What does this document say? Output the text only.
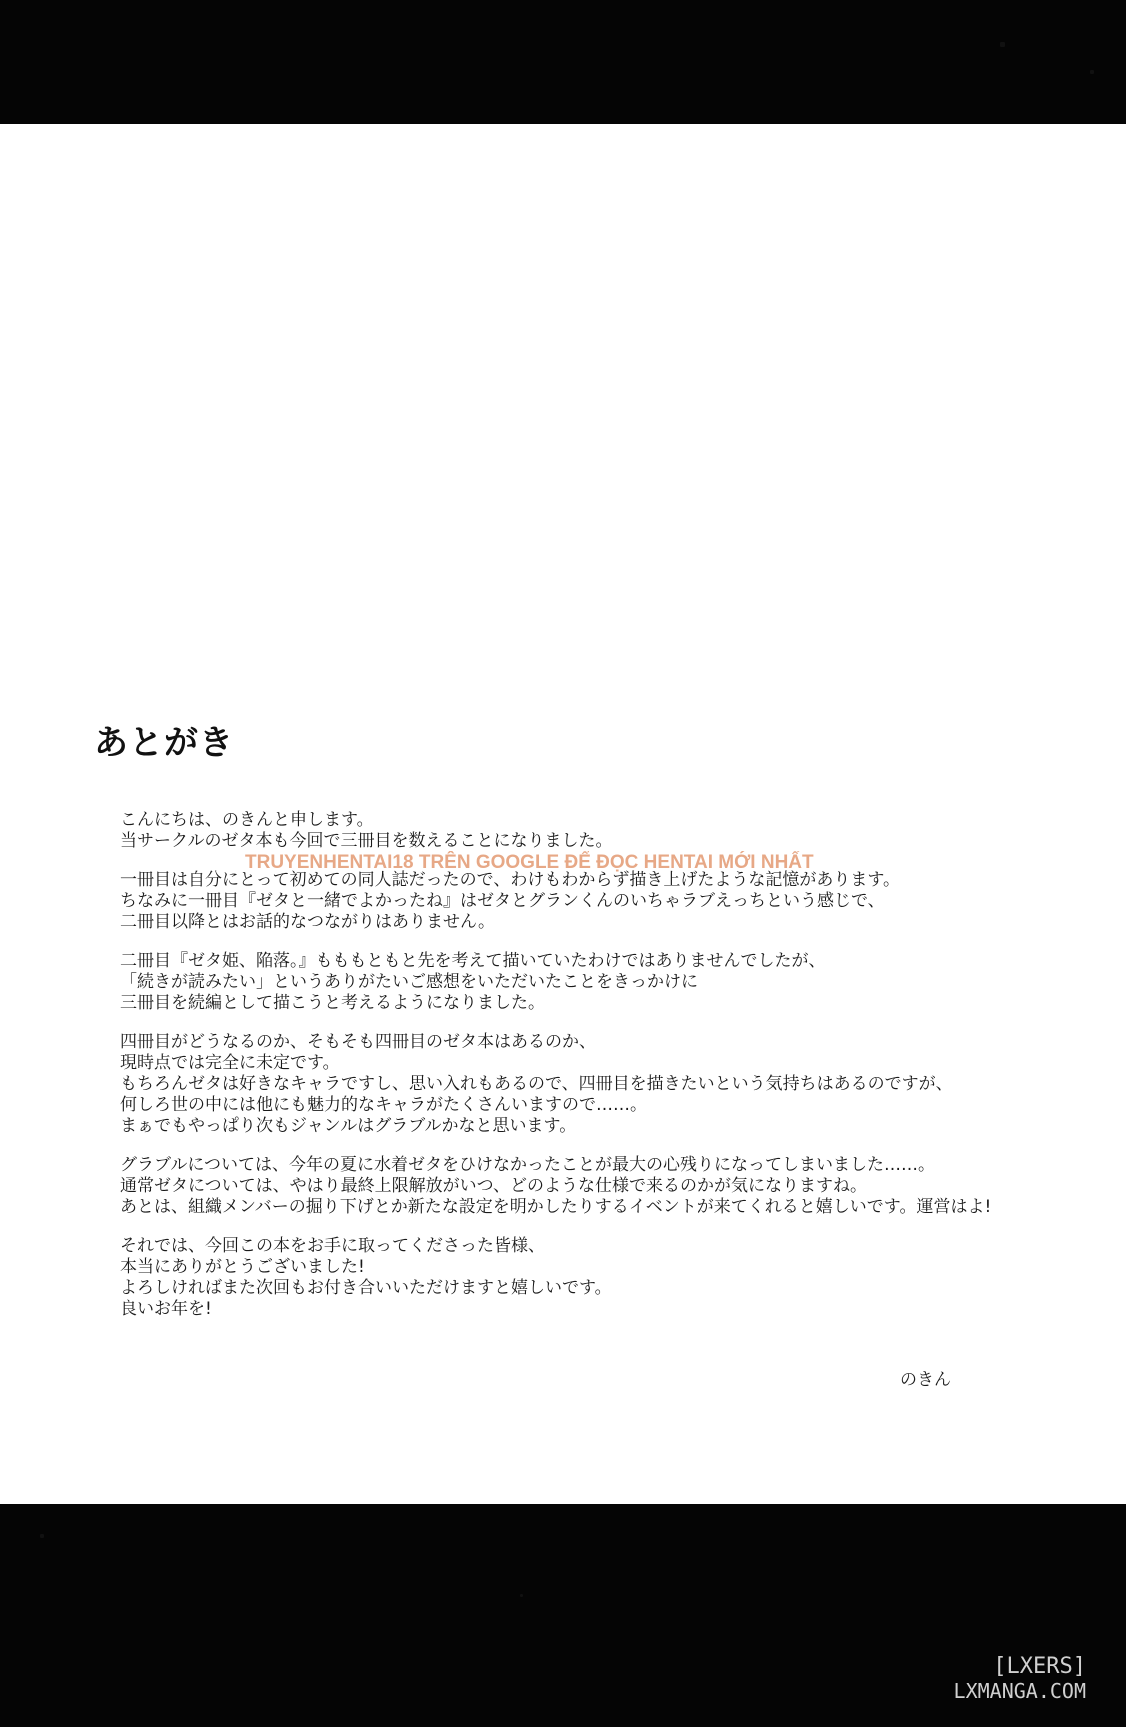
あとがき
こんにちは、のきんと申します。
当サークルのゼタ本も今回で三冊目を数えることになりました。
一冊目は自分にとって初めての同人誌だったので、わけもわからず描き上げたような記憶があります。
ちなみに一冊目『ゼタと一緒でよかったね』はゼタとグランくんのいちゃラブえっちという感じで、
二冊目以降とはお話的なつながりはありません。
二冊目『ゼタ姫、陥落。』もももともと先を考えて描いていたわけではありませんでしたが、
「続きが読みたい」というありがたいご感想をいただいたことをきっかけに
三冊目を続編として描こうと考えるようになりました。
四冊目がどうなるのか、そもそも四冊目のゼタ本はあるのか、
現時点では完全に未定です。
もちろんゼタは好きなキャラですし、思い入れもあるので、四冊目を描きたいという気持ちはあるのですが、
何しろ世の中には他にも魅力的なキャラがたくさんいますので……。
まぁでもやっぱり次もジャンルはグラブルかなと思います。
グラブルについては、今年の夏に水着ゼタをひけなかったことが最大の心残りになってしまいました……。
通常ゼタについては、やはり最終上限解放がいつ、どのような仕様で来るのかが気になりますね。
あとは、組織メンバーの掘り下げとか新たな設定を明かしたりするイベントが来てくれると嬉しいです。運営はよ!
それでは、今回この本をお手に取ってくださった皆様、
本当にありがとうございました!
よろしければまた次回もお付き合いいただけますと嬉しいです。
良いお年を!
のきん
TRUYENHENTAI18 TRÊN GOOGLE ĐỂ ĐỌC HENTAI MỚI NHẤT
[LXERS]
LXMANGA.COM
